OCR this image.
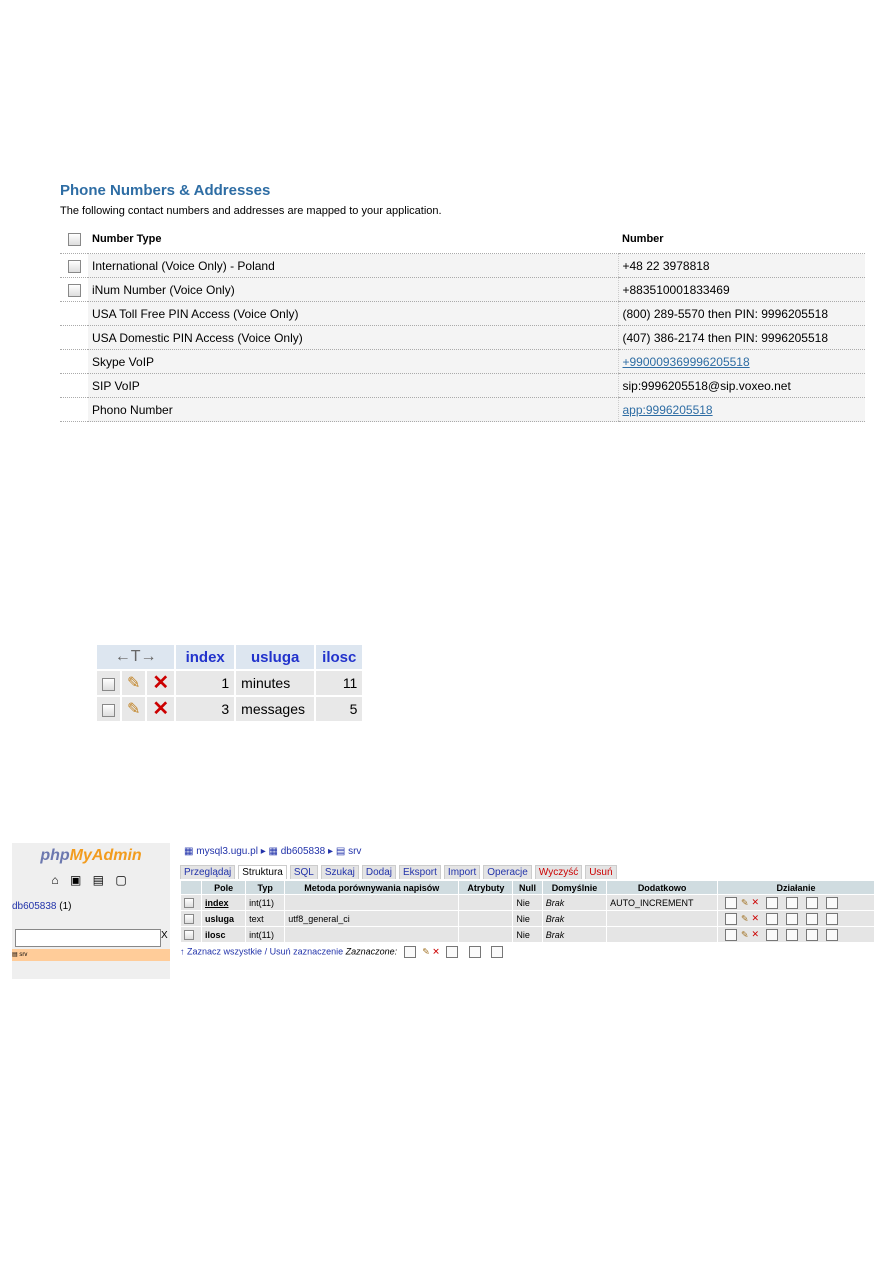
Phone Numbers & Addresses
The following contact numbers and addresses are mapped to your application.
	Number Type	Number
	International (Voice Only) - Poland	+48 22 3978818
	iNum Number (Voice Only)	+883510001833469
	USA Toll Free PIN Access (Voice Only)	(800) 289-5570 then PIN: 9996205518
	USA Domestic PIN Access (Voice Only)	(407) 386-2174 then PIN: 9996205518
	Skype VoIP	+990009369996205518
	SIP VoIP	sip:9996205518@sip.voxeo.net
	Phono Number	app:9996205518
←T→			index	usluga	ilosc
	✎	✕	1	minutes	11
	✎	✕	3	messages	5
phpMyAdmin
⌂ ▣ ▤ ▢
db605838 (1)
X
▤ srv
▦ mysql3.ugu.pl ▸ ▦ db605838 ▸ ▤ srv
Przeglądaj	Struktura	SQL	Szukaj	Dodaj	Eksport	Import	Operacje	Wyczyść	Usuń
	Pole	Typ	Metoda porównywania napisów	Atrybuty	Null	Domyślnie	Dodatkowo	Działanie
	index	int(11)			Nie	Brak	AUTO_INCREMENT	✎ ✕
	usluga	text	utf8_general_ci		Nie	Brak		✎ ✕
	ilosc	int(11)			Nie	Brak		✎ ✕
↑ Zaznacz wszystkie / Usuń zaznaczenie Zaznaczone:	✎ ✕
